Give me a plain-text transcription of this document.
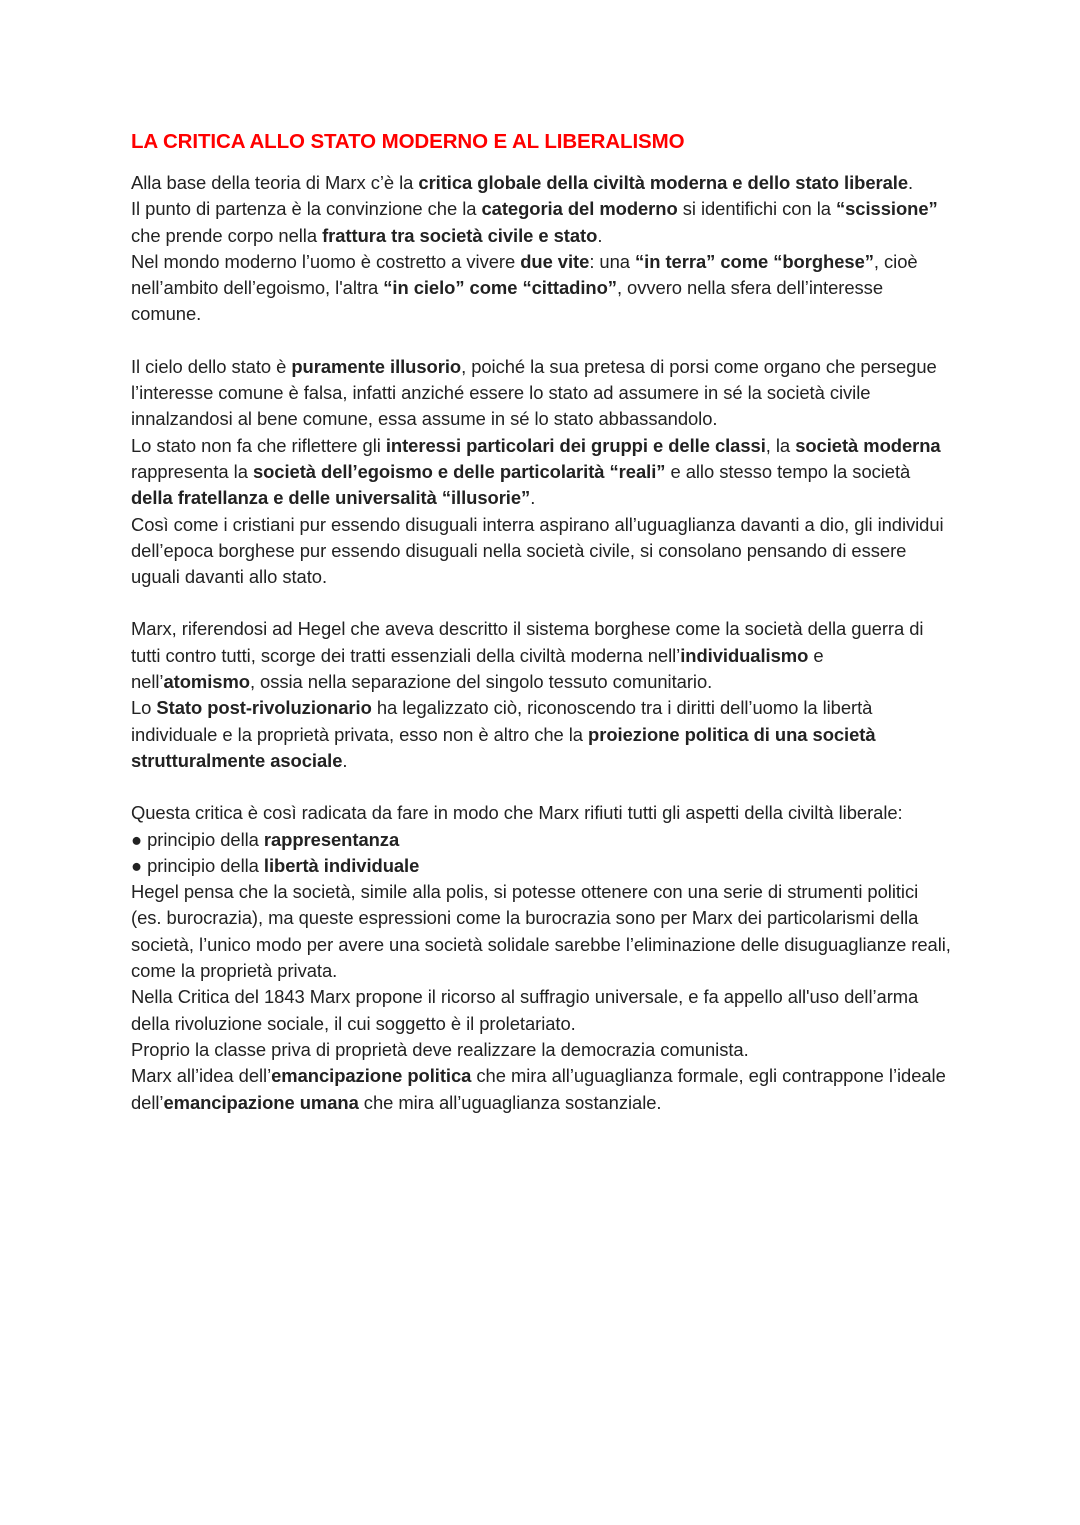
LA CRITICA ALLO STATO MODERNO E AL LIBERALISMO

Alla base della teoria di Marx c’è la critica globale della civiltà moderna e dello stato liberale.

Il punto di partenza è la convinzione che la categoria del moderno si identifichi con la “scissione” che prende corpo nella frattura tra società civile e stato.

Nel mondo moderno l’uomo è costretto a vivere due vite: una “in terra” come “borghese”, cioè nell’ambito dell’egoismo, l'altra “in cielo” come “cittadino”, ovvero nella sfera dell’interesse comune.

Il cielo dello stato è puramente illusorio, poiché la sua pretesa di porsi come organo che persegue l’interesse comune è falsa, infatti anziché essere lo stato ad assumere in sé la società civile innalzandosi al bene comune, essa assume in sé lo stato abbassandolo.

Lo stato non fa che riflettere gli interessi particolari dei gruppi e delle classi, la società moderna rappresenta la società dell’egoismo e delle particolarità “reali” e allo stesso tempo la società della fratellanza e delle universalità “illusorie”.

Così come i cristiani pur essendo disuguali interra aspirano all’uguaglianza davanti a dio, gli individui dell’epoca borghese pur essendo disuguali nella società civile, si consolano pensando di essere uguali davanti allo stato.

Marx, riferendosi ad Hegel che aveva descritto il sistema borghese come la società della guerra di tutti contro tutti, scorge dei tratti essenziali della civiltà moderna nell’individualismo e nell’atomismo, ossia nella separazione del singolo tessuto comunitario.

Lo Stato post-rivoluzionario ha legalizzato ciò, riconoscendo tra i diritti dell’uomo la libertà individuale e la proprietà privata, esso non è altro che la proiezione politica di una società strutturalmente asociale.

Questa critica è così radicata da fare in modo che Marx rifiuti tutti gli aspetti della civiltà liberale:

● principio della rappresentanza

● principio della libertà individuale

Hegel pensa che la società, simile alla polis, si potesse ottenere con una serie di strumenti politici (es. burocrazia), ma queste espressioni come la burocrazia sono per Marx dei particolarismi della società, l’unico modo per avere una società solidale sarebbe l’eliminazione delle disuguaglianze reali, come la proprietà privata.

Nella Critica del 1843 Marx propone il ricorso al suffragio universale, e fa appello all'uso dell’arma della rivoluzione sociale, il cui soggetto è il proletariato.

Proprio la classe priva di proprietà deve realizzare la democrazia comunista.

Marx all’idea dell’emancipazione politica che mira all’uguaglianza formale, egli contrappone l’ideale dell’emancipazione umana che mira all’uguaglianza sostanziale.
